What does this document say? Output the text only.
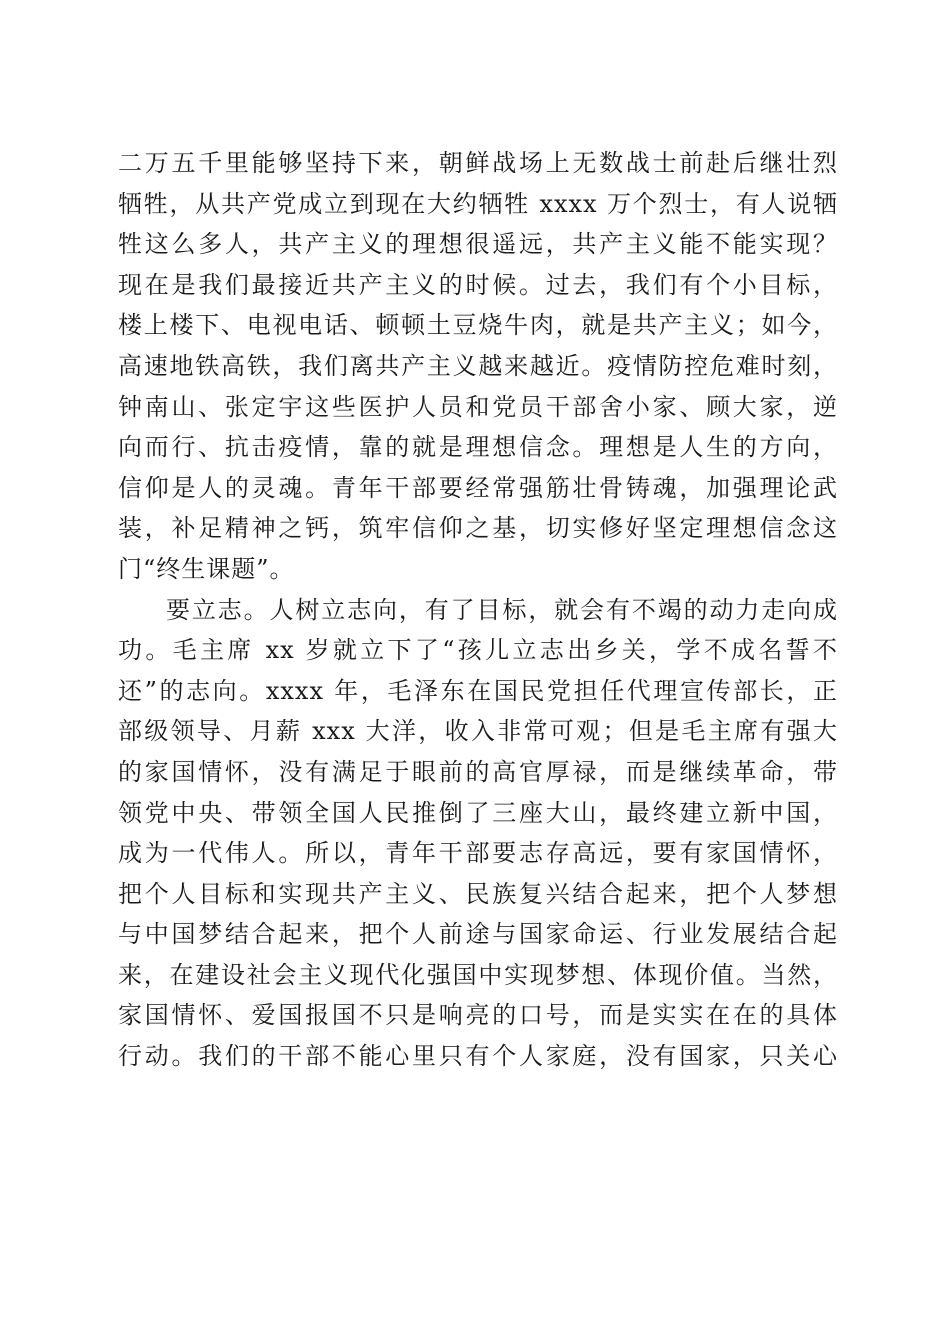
二万五千里能够坚持下来，朝鲜战场上无数战士前赴后继壮烈
牺牲，从共产党成立到现在大约牺牲 xxxx 万个烈士，有人说牺
牲这么多人，共产主义的理想很遥远，共产主义能不能实现？
现在是我们最接近共产主义的时候。过去，我们有个小目标，
楼上楼下、电视电话、顿顿土豆烧牛肉，就是共产主义；如今，
高速地铁高铁，我们离共产主义越来越近。疫情防控危难时刻，
钟南山、张定宇这些医护人员和党员干部舍小家、顾大家，逆
向而行、抗击疫情，靠的就是理想信念。理想是人生的方向，
信仰是人的灵魂。青年干部要经常强筋壮骨铸魂，加强理论武
装，补足精神之钙，筑牢信仰之基，切实修好坚定理想信念这
门“终生课题”。
要立志。人树立志向，有了目标，就会有不竭的动力走向成
功。毛主席 xx 岁就立下了“孩儿立志出乡关，学不成名誓不
还”的志向。xxxx 年，毛泽东在国民党担任代理宣传部长，正
部级领导、月薪 xxx 大洋，收入非常可观；但是毛主席有强大
的家国情怀，没有满足于眼前的高官厚禄，而是继续革命，带
领党中央、带领全国人民推倒了三座大山，最终建立新中国，
成为一代伟人。所以，青年干部要志存高远，要有家国情怀，
把个人目标和实现共产主义、民族复兴结合起来，把个人梦想
与中国梦结合起来，把个人前途与国家命运、行业发展结合起
来，在建设社会主义现代化强国中实现梦想、体现价值。当然，
家国情怀、爱国报国不只是响亮的口号，而是实实在在的具体
行动。我们的干部不能心里只有个人家庭，没有国家，只关心
